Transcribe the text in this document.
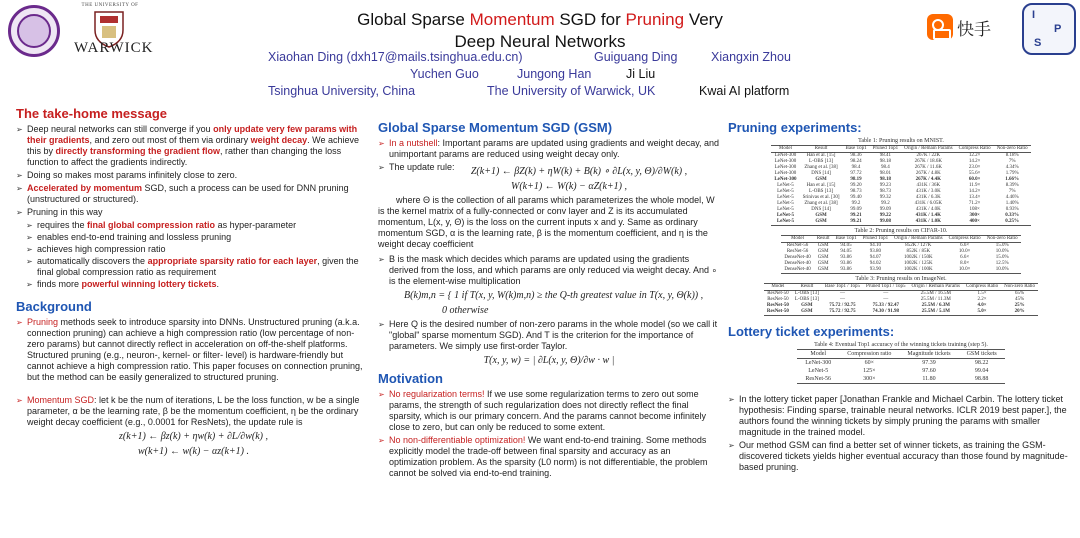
THE UNIVERSITY OF
WARWICK
Global Sparse Momentum SGD for Pruning Very
Deep Neural Networks
Xiaohan Ding (dxh17@mails.tsinghua.edu.cn)	Guiguang Ding	Xiangxin Zhou
Yuchen Guo	Jungong Han	Ji Liu
Tsinghua University, China	The University of Warwick, UK	Kwai AI platform
快手
I
P
S
The take-home message
➢ Deep neural networks can still converge if you only update very few params with their gradients, and zero out most of them via ordinary weight decay. We achieve this by directly transforming the gradient flow, rather than changing the loss function to affect the gradients indirectly.
➢ Doing so makes most params infinitely close to zero.
➢ Accelerated by momentum SGD, such a process can be used for DNN pruning (unstructured or structured).
➢ Pruning in this way
➢ requires the final global compression ratio as hyper-parameter
➢ enables end-to-end training and lossless pruning
➢ achieves high compression ratio
➢ automatically discovers the appropriate sparsity ratio for each layer, given the final global compression ratio as requirement
➢ finds more powerful winning lottery tickets.
Background
➢ Pruning methods seek to introduce sparsity into DNNs. Unstructured pruning (a.k.a. connection pruning) can achieve a high compression ratio (low percentage of non-zero params) but cannot directly reflect in acceleration on off-the-shelf platforms. Structured pruning (e.g., neuron-, kernel- or filter- level) is hardware-friendly but cannot achieve a high compression ratio. This paper focuses on connection pruning, but the method can be easily generalized to structured pruning.
➢ Momentum SGD: let k be the num of iterations, L be the loss function, w be a single parameter, α be the learning rate, β be the momentum coefficient, η be the ordinary weight decay coefficient (e.g., 0.0001 for ResNets), the update rule is
z(k+1) ← βz(k) + ηw(k) + ∂L/∂w(k) ,
w(k+1) ← w(k) − αz(k+1) .
Global Sparse Momentum SGD (GSM)
➢ In a nutshell: Important params are updated using gradients and weight decay, and unimportant params are reduced using weight decay only.
➢ The update rule:	Z(k+1) ← βZ(k) + ηW(k) + B(k) ∘ ∂L(x, y, Θ)/∂W(k) ,
W(k+1) ← W(k) − αZ(k+1) ,
where Θ is the collection of all params which parameterizes the whole model, W is the kernel matrix of a fully-connected or conv layer and Z is its accumulated momentum, L(x, y, Θ) is the loss on the current inputs x and y. Same as ordinary momentum SGD, α is the learning rate, β is the momentum coefficient, and η is the weight decay coefficient
➢ B is the mask which decides which params are updated using the gradients derived from the loss, and which params are only reduced via weight decay. And ∘ is the element-wise multiplication
B(k)m,n = { 1 if T(x, y, W(k)m,n) ≥ the Q-th greatest value in T(x, y, Θ(k)) ,
0 otherwise
➢ Here Q is the desired number of non-zero params in the whole model (so we call it "global" sparse momentum SGD). And T is the criterion for the importance of parameters. We simply use first-order Taylor.
T(x, y, w) = | ∂L(x, y, Θ)/∂w · w |
Motivation
➢ No regularization terms! If we use some regularization terms to zero out some params, the strength of such regularization does not directly reflect the final sparsity, which is our primary concern. And the params cannot become infinitely close to zero, but can only be reduced to some extent.
➢ No non-differentiable optimization! We want end-to-end training. Some methods explicitly model the trade-off between final sparsity and accuracy as an optimization problem. As the sparsity (L0 norm) is not differentiable, the problem cannot be solved via end-to-end training.
Pruning experiments:
Table 1: Pruning results on MNIST.
Model	Result	Base Top1	Pruned Top1	Origin / Remain Params	Compress Ratio	Non-zero Ratio
LeNet-300	Han et al. [15]	98.36	98.41	267K / 22K	12.2×	8.18%
LeNet-300	L-OBS [13]	98.24	98.18	267K / 18.6K	14.2×	7%
LeNet-300	Zhang et al. [38]	98.4	98.4	267K / 11.6K	23.0×	4.34%
LeNet-300	DNS [14]	97.72	98.01	267K / 4.8K	55.6×	1.79%
LeNet-300	GSM	98.19	98.18	267K / 4.4K	60.0×	1.66%
LeNet-5	Han et al. [15]	99.20	99.23	431K / 36K	11.9×	8.39%
LeNet-5	L-OBS [13]	98.73	98.73	431K / 3.0K	14.2×	7%
LeNet-5	Srinivas et al. [30]	99.40	99.32	431K / 6.3K	13.4×	4.46%
LeNet-5	Zhang et al. [38]	99.2	99.2	431K / 6.05K	71.2×	1.40%
LeNet-5	DNS [14]	99.09	99.09	431K / 4.0K	108×	0.93%
LeNet-5	GSM	99.21	99.22	431K / 1.4K	300×	0.33%
LeNet-5	GSM	99.21	99.08	431K / 1.0K	400×	0.25%
Table 2: Pruning results on CIFAR-10.
Model	Result	Base Top1	Pruned Top1	Origin / Remain Params	Compress Ratio	Non-zero Ratio
ResNet-56	GSM	94.05	94.10	852K / 127K	6.6×	15.0%
ResNet-56	GSM	94.05	93.80	852K / 85K	10.0×	10.0%
DenseNet-40	GSM	93.86	94.07	1002K / 150K	6.6×	15.0%
DenseNet-40	GSM	93.86	94.02	1002K / 125K	8.0×	12.5%
DenseNet-40	GSM	93.86	93.90	1002K / 100K	10.0×	10.0%
Table 3: Pruning results on ImageNet.
Model	Result	Base Top1 / Top5	Pruned Top1 / Top5	Origin / Remain Params	Compress Ratio	Non-zero Ratio
ResNet-50	L-OBS [13]	—	—	25.5M / 16.5M	1.5×	65%
ResNet-50	L-OBS [13]	—	—	25.5M / 11.3M	2.2×	45%
ResNet-50	GSM	75.72 / 92.75	75.33 / 92.47	25.5M / 6.3M	4.0×	25%
ResNet-50	GSM	75.72 / 92.75	74.30 / 91.98	25.5M / 5.1M	5.0×	20%
Lottery ticket experiments:
Table 4: Eventual Top1 accuracy of the winning tickets training (step 5).
Model	Compression ratio	Magnitude tickets	GSM tickets
LeNet-300	60×	97.39	98.22
LeNet-5	125×	97.60	99.04
ResNet-56	300×	11.80	98.88
➢ In the lottery ticket paper [Jonathan Frankle and Michael Carbin. The lottery ticket hypothesis: Finding sparse, trainable neural networks. ICLR 2019 best paper.], the authors found the winning tickets by simply pruning the params with smaller magnitude in the trained model.
➢ Our method GSM can find a better set of winner tickets, as training the GSM-discovered tickets yields higher eventual accuracy than those found by magnitude-based pruning.
